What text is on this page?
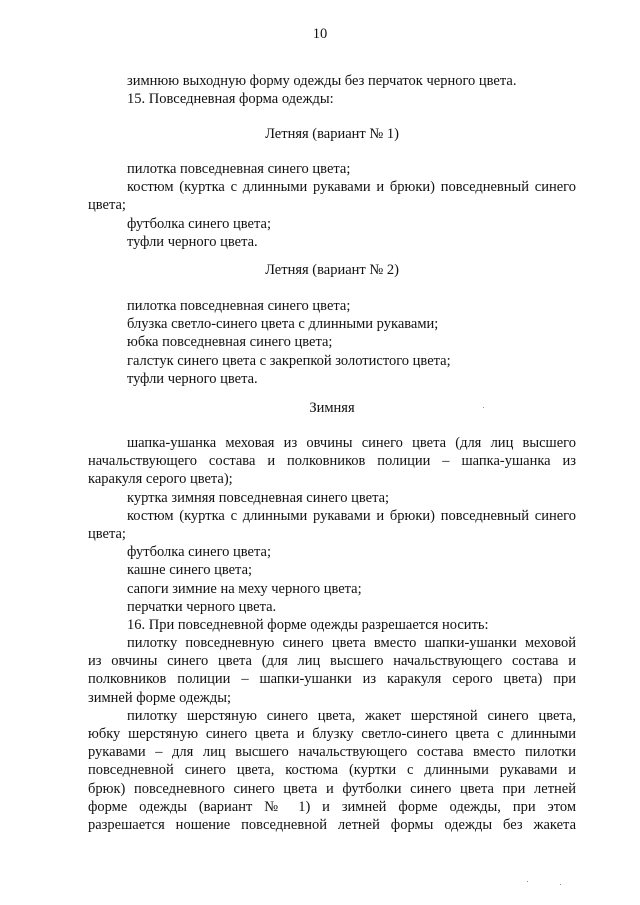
10
зимнюю выходную форму одежды без перчаток черного цвета.
15. Повседневная форма одежды:
Летняя (вариант № 1)
пилотка повседневная синего цвета;
костюм (куртка с длинными рукавами и брюки) повседневный синего
цвета;
футболка синего цвета;
туфли черного цвета.
Летняя (вариант № 2)
пилотка повседневная синего цвета;
блузка светло-синего цвета с длинными рукавами;
юбка повседневная синего цвета;
галстук синего цвета с закрепкой золотистого цвета;
туфли черного цвета.
Зимняя
шапка-ушанка меховая из овчины синего цвета (для лиц высшего
начальствующего состава и полковников полиции – шапка-ушанка из
каракуля серого цвета);
куртка зимняя повседневная синего цвета;
костюм (куртка с длинными рукавами и брюки) повседневный синего
цвета;
футболка синего цвета;
кашне синего цвета;
сапоги зимние на меху черного цвета;
перчатки черного цвета.
16. При повседневной форме одежды разрешается носить:
пилотку повседневную синего цвета вместо шапки-ушанки меховой
из овчины синего цвета (для лиц высшего начальствующего состава и
полковников полиции – шапки-ушанки из каракуля серого цвета) при
зимней форме одежды;
пилотку шерстяную синего цвета, жакет шерстяной синего цвета,
юбку шерстяную синего цвета и блузку светло-синего цвета с длинными
рукавами – для лиц высшего начальствующего состава вместо пилотки
повседневной синего цвета, костюма (куртки с длинными рукавами и
брюк) повседневного синего цвета и футболки синего цвета при летней
форме одежды (вариант № 1) и зимней форме одежды, при этом
разрешается ношение повседневной летней формы одежды без жакета
